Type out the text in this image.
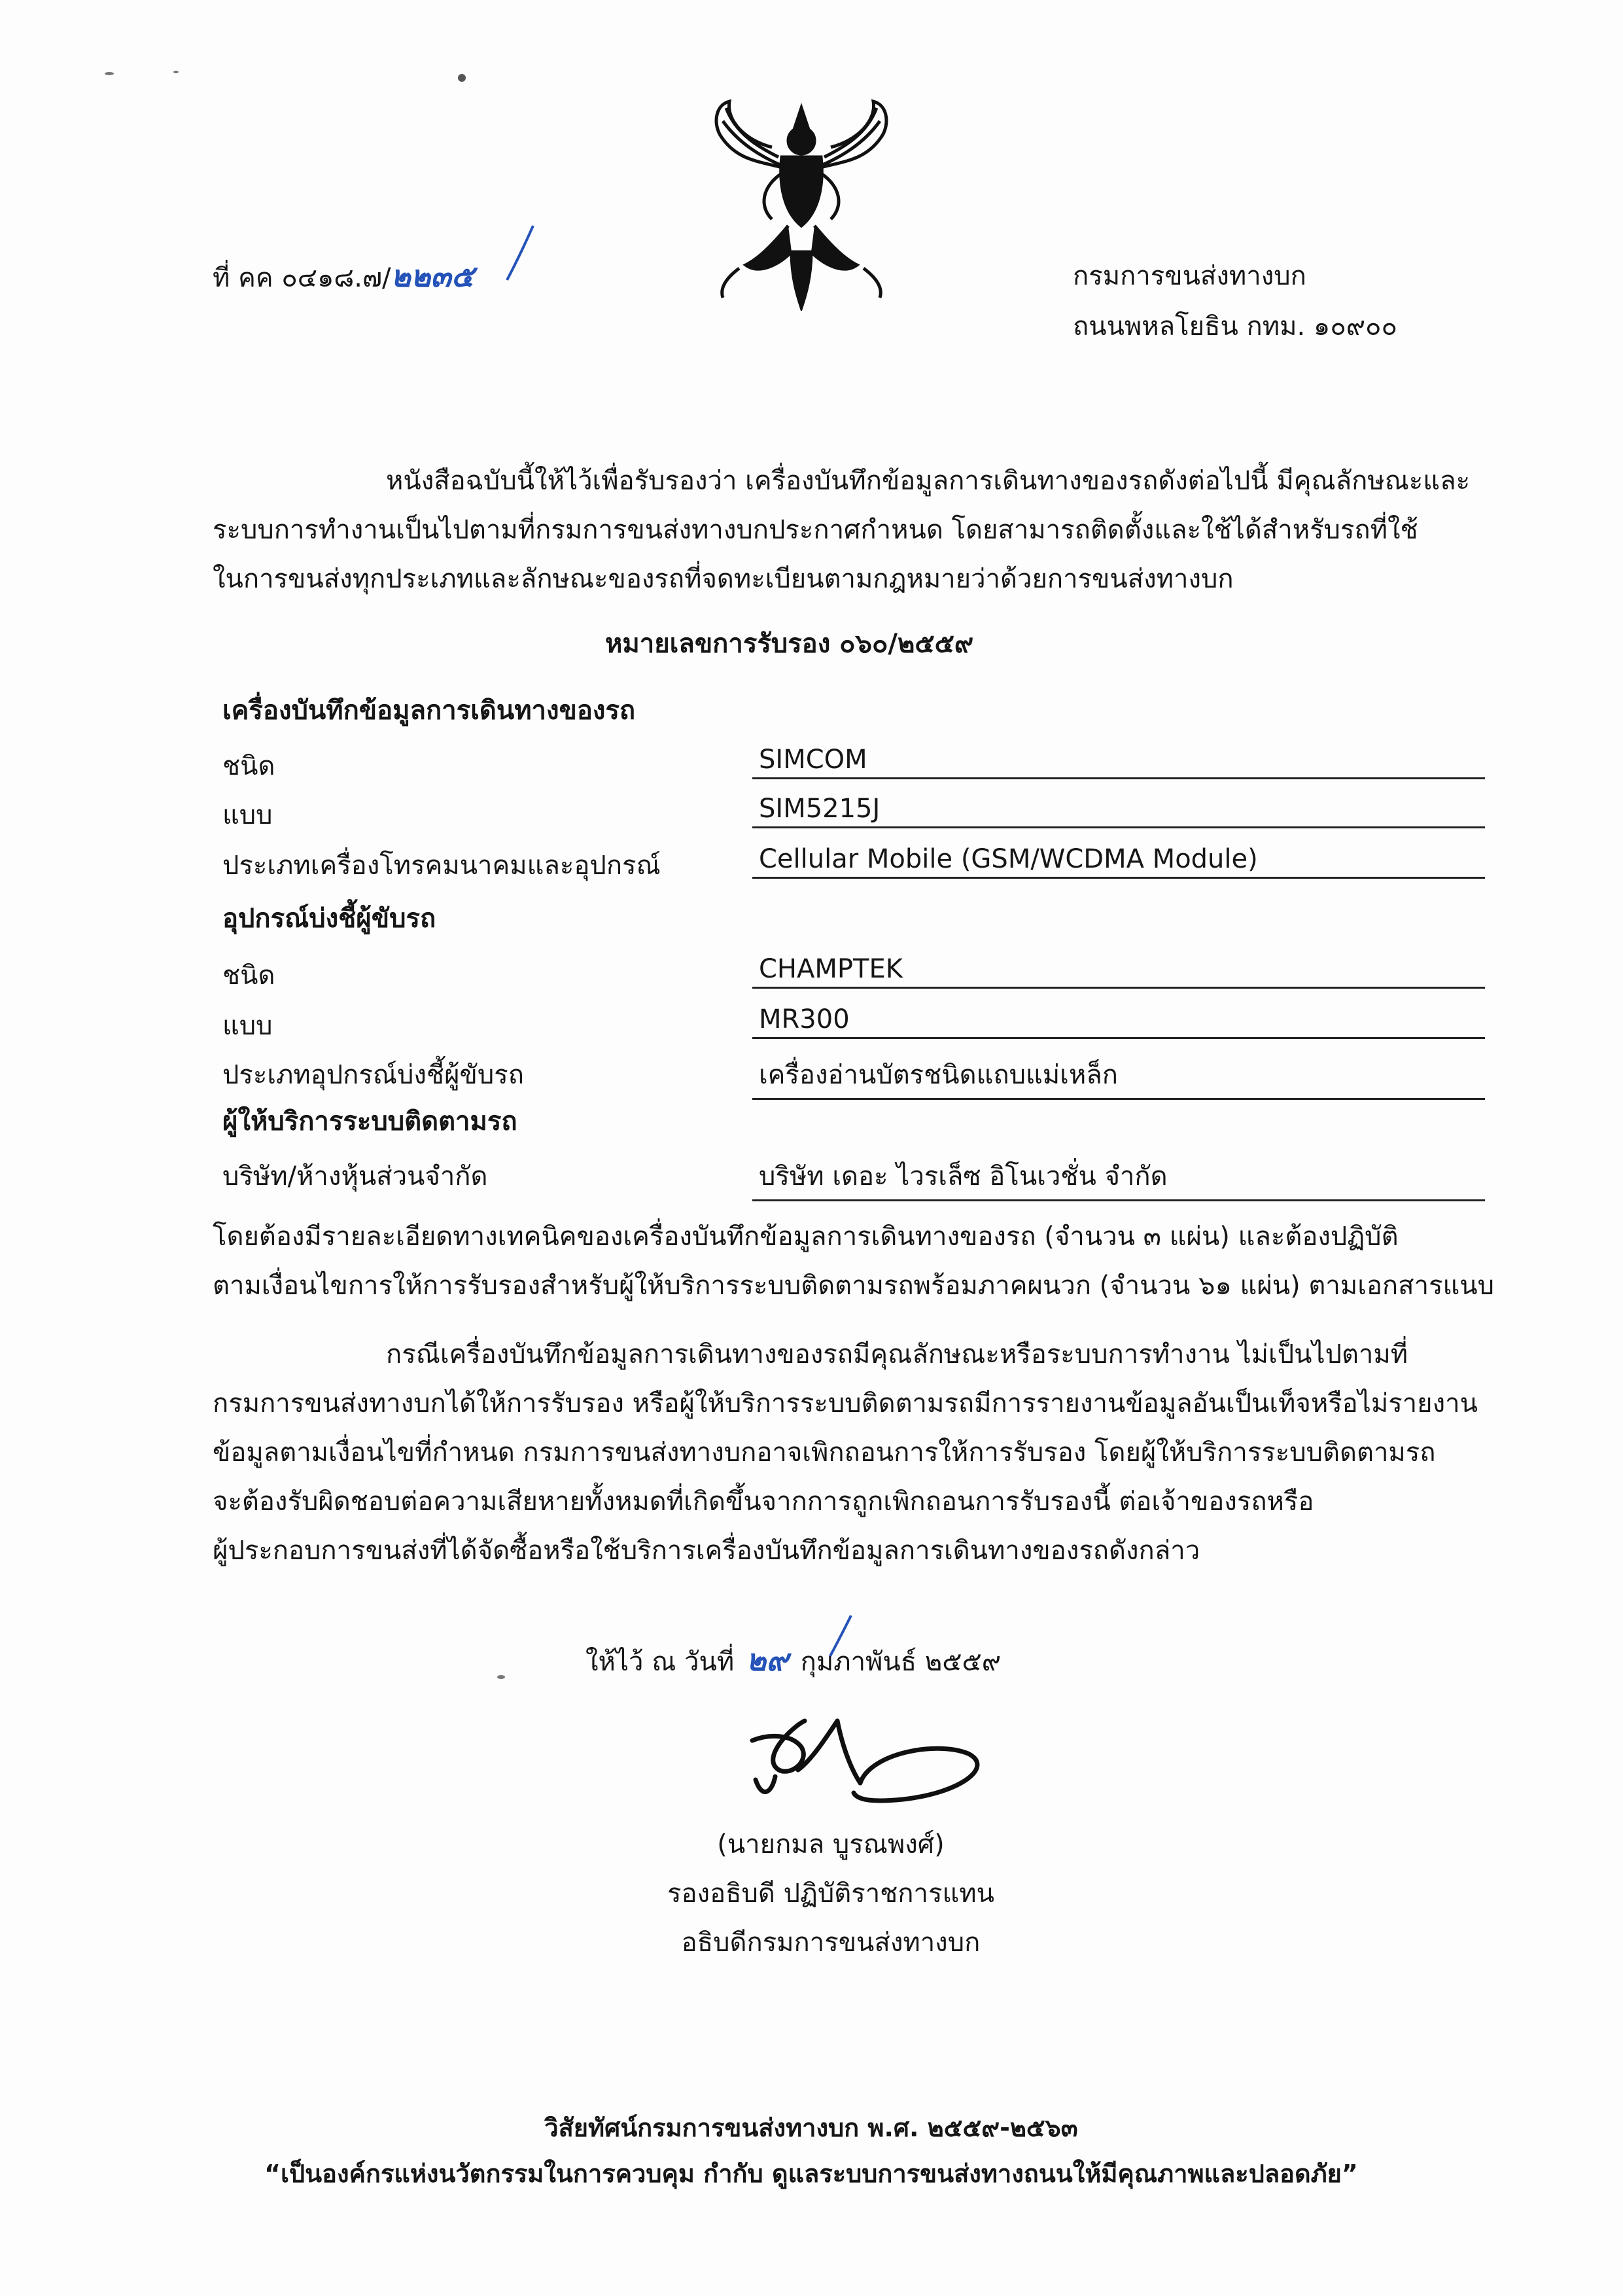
ที่ คค ๐๔๑๘.๗/๒๒๓๕	กรมการขนส่งทางบก
ถนนพหลโยธิน กทม. ๑๐๙๐๐
หนังสือฉบับนี้ให้ไว้เพื่อรับรองว่า เครื่องบันทึกข้อมูลการเดินทางของรถดังต่อไปนี้ มีคุณลักษณะและ
ระบบการทำงานเป็นไปตามที่กรมการขนส่งทางบกประกาศกำหนด โดยสามารถติดตั้งและใช้ได้สำหรับรถที่ใช้
ในการขนส่งทุกประเภทและลักษณะของรถที่จดทะเบียนตามกฎหมายว่าด้วยการขนส่งทางบก
หมายเลขการรับรอง ๐๖๐/๒๕๕๙
เครื่องบันทึกข้อมูลการเดินทางของรถ
ชนิด	SIMCOM
แบบ	SIM5215J
ประเภทเครื่องโทรคมนาคมและอุปกรณ์	Cellular Mobile (GSM/WCDMA Module)
อุปกรณ์บ่งชี้ผู้ขับรถ
ชนิด	CHAMPTEK
แบบ	MR300
ประเภทอุปกรณ์บ่งชี้ผู้ขับรถ	เครื่องอ่านบัตรชนิดแถบแม่เหล็ก
ผู้ให้บริการระบบติดตามรถ
บริษัท/ห้างหุ้นส่วนจำกัด	บริษัท เดอะ ไวรเล็ซ อิโนเวชั่น จำกัด
โดยต้องมีรายละเอียดทางเทคนิคของเครื่องบันทึกข้อมูลการเดินทางของรถ (จำนวน ๓ แผ่น) และต้องปฏิบัติ
ตามเงื่อนไขการให้การรับรองสำหรับผู้ให้บริการระบบติดตามรถพร้อมภาคผนวก (จำนวน ๖๑ แผ่น) ตามเอกสารแนบ
กรณีเครื่องบันทึกข้อมูลการเดินทางของรถมีคุณลักษณะหรือระบบการทำงาน ไม่เป็นไปตามที่
กรมการขนส่งทางบกได้ให้การรับรอง หรือผู้ให้บริการระบบติดตามรถมีการรายงานข้อมูลอันเป็นเท็จหรือไม่รายงาน
ข้อมูลตามเงื่อนไขที่กำหนด กรมการขนส่งทางบกอาจเพิกถอนการให้การรับรอง โดยผู้ให้บริการระบบติดตามรถ
จะต้องรับผิดชอบต่อความเสียหายทั้งหมดที่เกิดขึ้นจากการถูกเพิกถอนการรับรองนี้ ต่อเจ้าของรถหรือ
ผู้ประกอบการขนส่งที่ได้จัดซื้อหรือใช้บริการเครื่องบันทึกข้อมูลการเดินทางของรถดังกล่าว
ให้ไว้ ณ วันที่ ๒๙ กุมภาพันธ์ ๒๕๕๙
(นายกมล บูรณพงศ์)
รองอธิบดี ปฏิบัติราชการแทน
อธิบดีกรมการขนส่งทางบก
วิสัยทัศน์กรมการขนส่งทางบก พ.ศ. ๒๕๕๙-๒๕๖๓
“เป็นองค์กรแห่งนวัตกรรมในการควบคุม กำกับ ดูแลระบบการขนส่งทางถนนให้มีคุณภาพและปลอดภัย”
